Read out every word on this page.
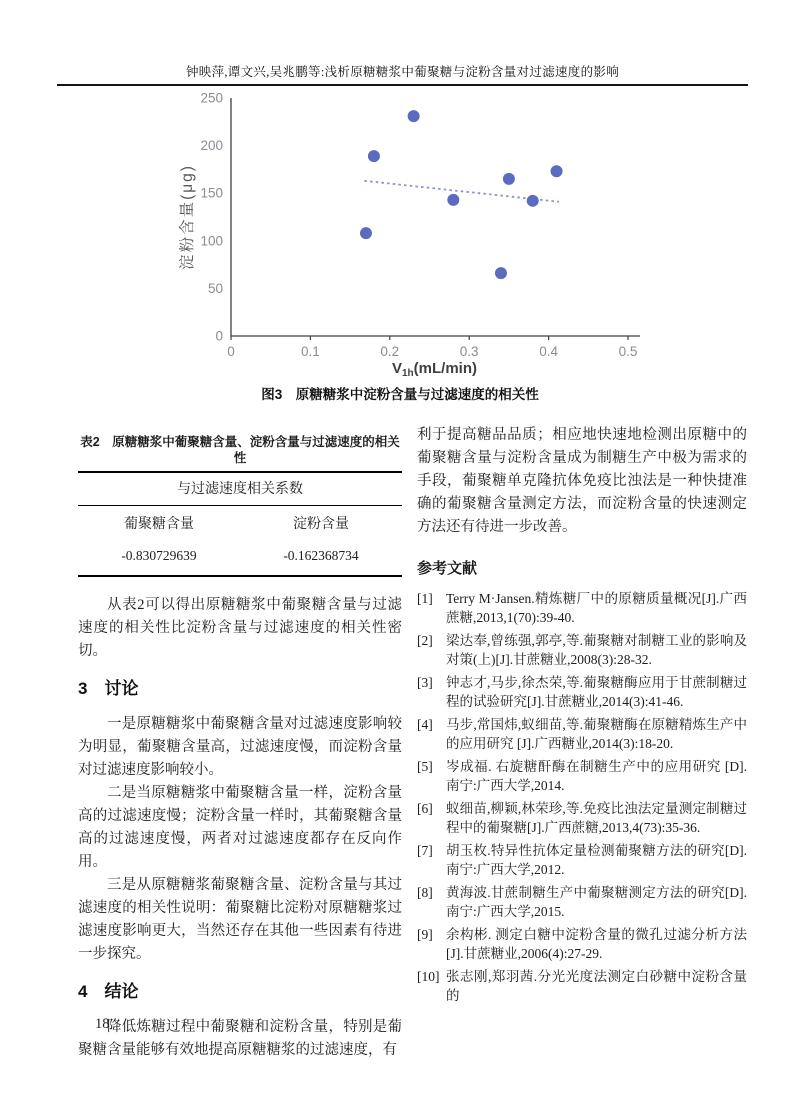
钟映萍,谭文兴,吴兆鹏等:浅析原糖糖浆中葡聚糖与淀粉含量对过滤速度的影响
0	0.1	0.2	0.3	0.4	0.5
0
50
100
150
200
250
淀粉含量(μg)
$V_{1h}(mL/\min)$
图3　原糖糖浆中淀粉含量与过滤速度的相关性
表2　原糖糖浆中葡聚糖含量、淀粉含量与过滤速度的相关性
与过滤速度相关系数
葡聚糖含量	淀粉含量
-0.830729639	-0.162368734

从表2可以得出原糖糖浆中葡聚糖含量与过滤速度的相关性比淀粉含量与过滤速度的相关性密切。

3　讨论

一是原糖糖浆中葡聚糖含量对过滤速度影响较为明显，葡聚糖含量高，过滤速度慢，而淀粉含量对过滤速度影响较小。

二是当原糖糖浆中葡聚糖含量一样，淀粉含量高的过滤速度慢；淀粉含量一样时，其葡聚糖含量高的过滤速度慢，两者对过滤速度都存在反向作用。

三是从原糖糖浆葡聚糖含量、淀粉含量与其过滤速度的相关性说明：葡聚糖比淀粉对原糖糖浆过滤速度影响更大，当然还存在其他一些因素有待进一步探究。

4　结论

降低炼糖过程中葡聚糖和淀粉含量，特别是葡聚糖含量能够有效地提高原糖糖浆的过滤速度，有

利于提高糖品品质；相应地快速地检测出原糖中的葡聚糖含量与淀粉含量成为制糖生产中极为需求的手段，葡聚糖单克隆抗体免疫比浊法是一种快捷准确的葡聚糖含量测定方法，而淀粉含量的快速测定方法还有待进一步改善。

参考文献
[1] Terry M·Jansen.精炼糖厂中的原糖质量概况[J].广西蔗糖,2013,1(70):39-40.
[2] 梁达奉,曾练强,郭亭,等.葡聚糖对制糖工业的影响及对策(上)[J].甘蔗糖业,2008(3):28-32.
[3] 钟志才,马步,徐杰荣,等.葡聚糖酶应用于甘蔗制糖过程的试验研究[J].甘蔗糖业,2014(3):41-46.
[4] 马步,常国炜,蚁细苗,等.葡聚糖酶在原糖精炼生产中的应用研究 [J].广西糖业,2014(3):18-20.
[5] 岑成福. 右旋糖酐酶在制糖生产中的应用研究 [D].南宁:广西大学,2014.
[6] 蚁细苗,柳颖,林荣珍,等.免疫比浊法定量测定制糖过程中的葡聚糖[J].广西蔗糖,2013,4(73):35-36.
[7] 胡玉枚.特异性抗体定量检测葡聚糖方法的研究[D].南宁:广西大学,2012.
[8] 黄海波.甘蔗制糖生产中葡聚糖测定方法的研究[D].南宁:广西大学,2015.
[9] 余构彬. 测定白糖中淀粉含量的微孔过滤分析方法[J].甘蔗糖业,2006(4):27-29.
[10] 张志刚,郑羽茜.分光光度法测定白砂糖中淀粉含量的
18
